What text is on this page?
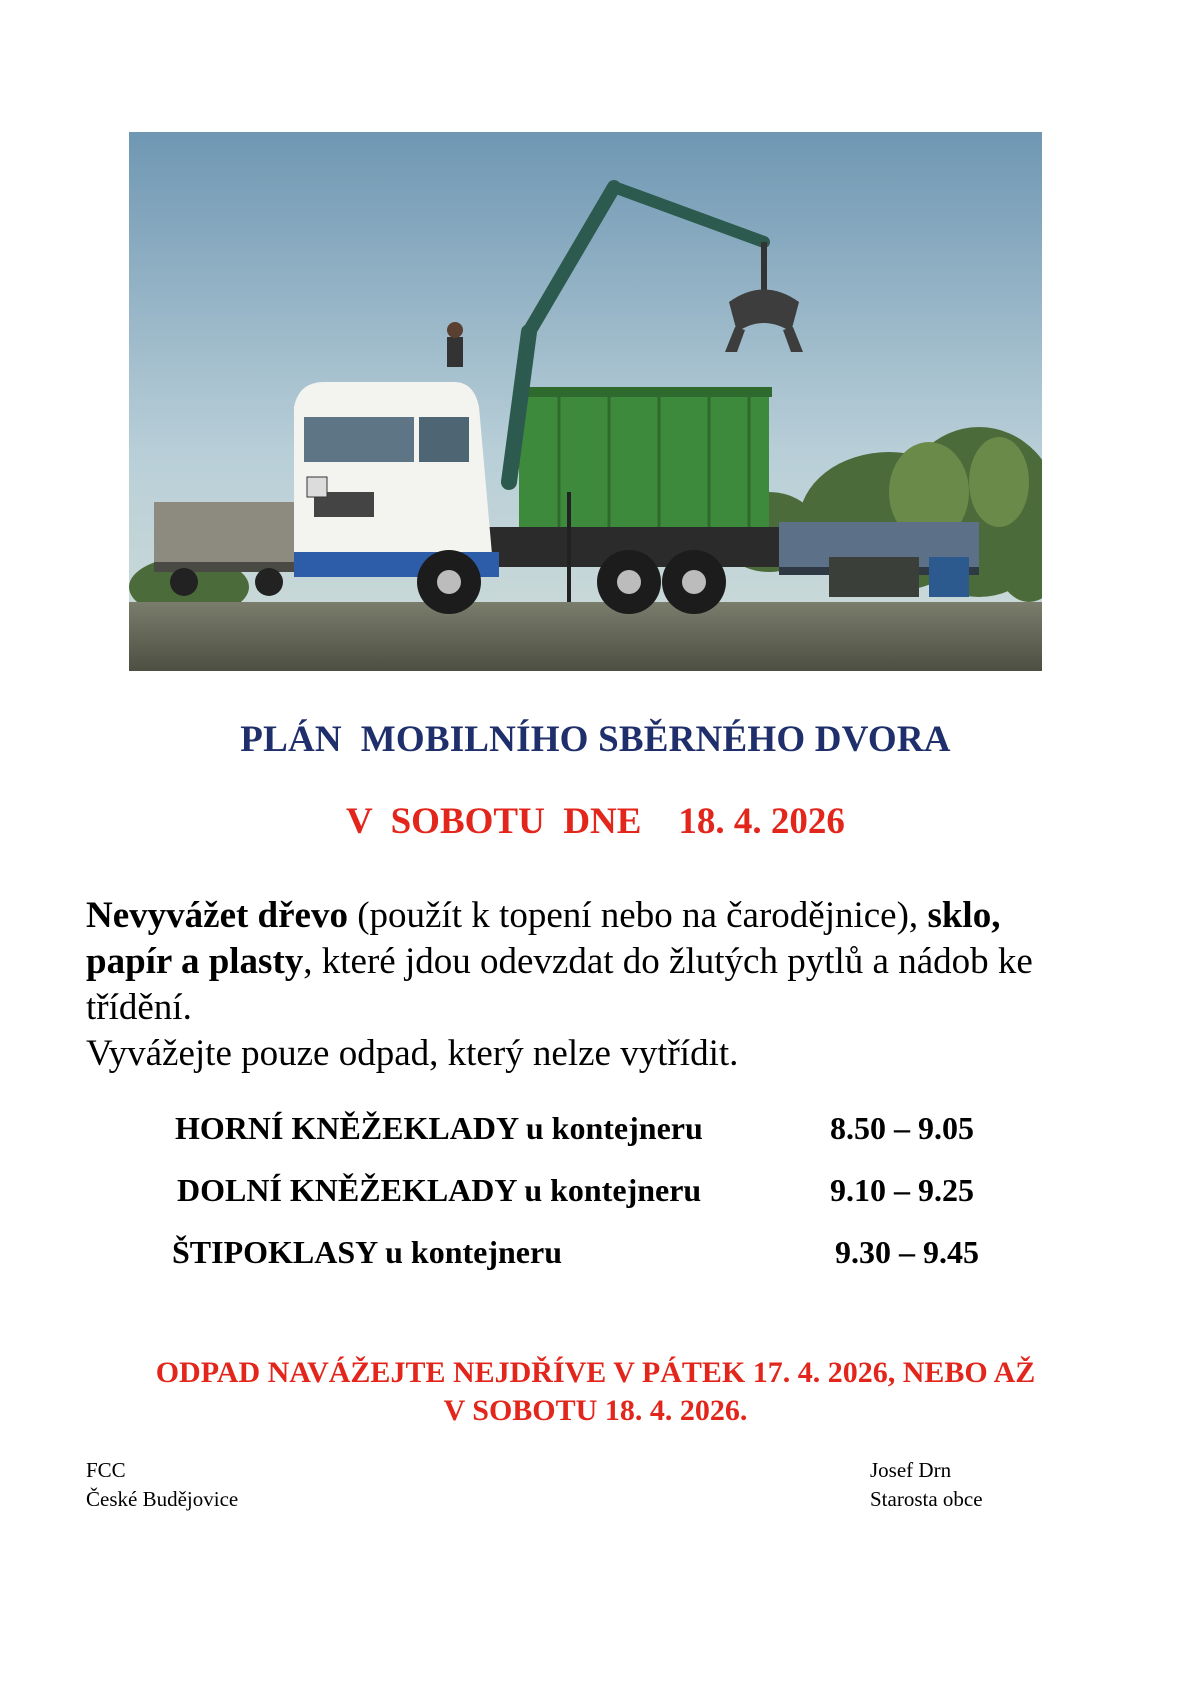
PLÁN  MOBILNÍHO SBĚRNÉHO DVORA
V  SOBOTU  DNE    18. 4. 2026
Nevyvážet dřevo (použít k topení nebo na čarodějnice), sklo,
papír a plasty, které jdou odevzdat do žlutých pytlů a nádob ke třídění.
Vyvážejte pouze odpad, který nelze vytřídit.
HORNÍ KNĚŽEKLADY u kontejneru	8.50 – 9.05
DOLNÍ KNĚŽEKLADY u kontejneru	9.10 – 9.25
ŠTIPOKLASY u kontejneru	9.30 – 9.45
ODPAD NAVÁŽEJTE NEJDŘÍVE V PÁTEK 17. 4. 2026, NEBO AŽ
V SOBOTU 18. 4. 2026.
FCC
České Budějovice
Josef Drn
Starosta obce
